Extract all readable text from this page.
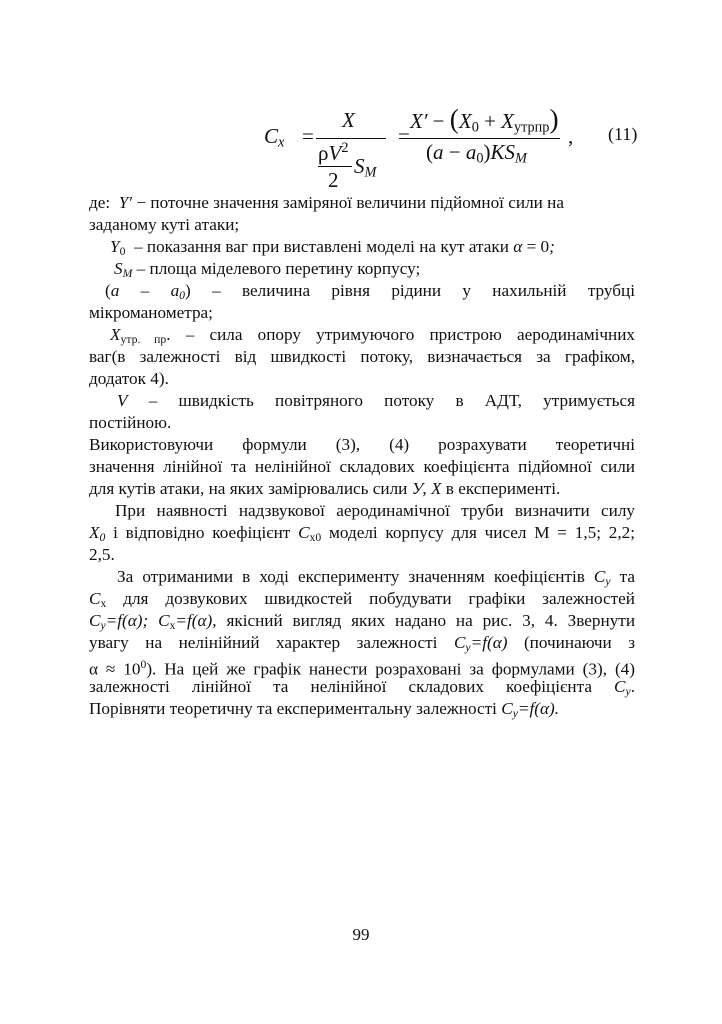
$C_x$ =
X
$\rho V^2$
2
$S_M$
=
$X' - (X_0 + X_{утрпр})$
$(a - a_0)KS_M$
, (11)
де: Y′ − поточне значення заміряної величини підйомної сили на
заданому куті атаки;
$Y_0$ – показання ваг при виставлені моделі на кут атаки α = 0;
$S_M$ – площа міделевого перетину корпусу;
$(a - a_0)$ – величина рівня рідини у нахильній трубці
мікроманометра;
$X_{утр. пр}$. – сила опору утримуючого пристрою аеродинамічних
ваг(в залежності від швидкості потоку, визначається за графіком,
додаток 4).
V – швидкість повітряного потоку в АДТ, утримується
постійною.
Використовуючи формули (3), (4) розрахувати теоретичні
значення лінійної та нелінійної складових коефіцієнта підйомної сили
для кутів атаки, на яких замірювались сили У, Х в експерименті.
При наявності надзвукової аеродинамічної труби визначити силу
$X_0$ і відповідно коефіцієнт $C_{x0}$ моделі корпусу для чисел М = 1,5; 2,2;
2,5.
За отриманими в ході експерименту значенням коефіцієнтів $C_y$ та
$C_x$ для дозвукових швидкостей побудувати графіки залежностей
$C_y=f(\alpha)$; $C_x=f(\alpha)$, якісний вигляд яких надано на рис. 3, 4. Звернути
увагу на нелінійний характер залежності $C_y=f(\alpha)$ (починаючи з
$\alpha \approx 10^0$). На цей же графік нанести розраховані за формулами (3), (4)
залежності лінійної та нелінійної складових коефіцієнта $C_y$.
Порівняти теоретичну та експериментальну залежності $C_y=f(\alpha)$.
99
